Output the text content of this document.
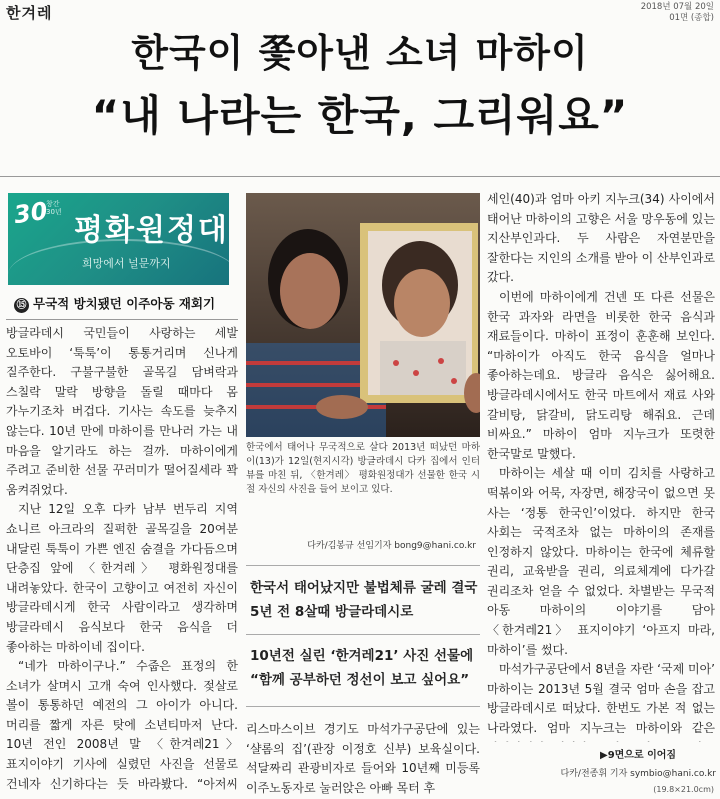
한겨레	2018년 07월 20일
01면 (종합)
한국이 쫓아낸 소녀 마하이
“내 나라는 한국, 그리워요”
30
창간 30년
평화원정대
희망에서 널문까지
⑮ 무국적 방치됐던 이주아동 재회기

방글라데시 국민들이 사랑하는 세발 오토바이 ‘툭툭’이 통통거리며 신나게 질주한다. 구불구불한 골목길 담벼락과 스칠락 말락 방향을 돌릴 때마다 몸 가누기조차 버겁다. 기사는 속도를 늦추지 않는다. 10년 만에 마하이를 만나러 가는 내 마음을 알기라도 하는 걸까. 마하이에게 주려고 준비한 선물 꾸러미가 떨어질세라 꽉 움켜쥐었다.

지난 12일 오후 다카 남부 번두리 지역 쇼니르 아크라의 질퍽한 골목길을 20여분 내달린 툭툭이 가쁜 엔진 숨결을 가다듬으며 단층집 앞에 〈한겨레〉 평화원정대를 내려놓았다. 한국이 고향이고 여전히 자신이 방글라데시게 한국 사람이라고 생각하며 방글라데시 음식보다 한국 음식을 더 좋아하는 마하이네 집이다.

“네가 마하이구나.” 수줍은 표정의 한 소녀가 살며시 고개 숙여 인사했다. 젖살로 볼이 통통하던 예전의 그 아이가 아니다. 머리를 짧게 자른 탓에 소년티마저 난다. 10년 전인 2008년 말 〈한겨레21〉 표지이야기 기사에 실렸던 사진을 선물로 건네자 신기하다는 듯 바라봤다. “아저씨

한국에서 태어나 무국적으로 살다 2013년 떠났던 마하이(13)가 12일(현지시각) 방글라데시 다카 집에서 인터뷰를 마친 뒤, 〈한겨레〉 평화원정대가 선물한 한국 시절 자신의 사진을 들어 보이고 있다.
다카/김봉규 선임기자 bong9@hani.co.kr
한국서 태어났지만 불법체류 굴레 결국 5년 전 8살때 방글라데시로
10년전 실린 ‘한겨레21’ 사진 선물에 “함께 공부하던 정선이 보고 싶어요”

리스마스이브 경기도 마석가구공단에 있는 ‘샬롬의 집’(관장 이정호 신부) 보육실이다. 석달짜리 관광비자로 들어와 10년째 미등록 이주노동자로 눌러앉은 아빠 목터 후

세인(40)과 엄마 아키 지누크(34) 사이에서 태어난 마하이의 고향은 서울 망우동에 있는 지산부인과다. 두 사람은 자연분만을 잘한다는 지인의 소개를 받아 이 산부인과로 갔다.

이번에 마하이에게 건넨 또 다른 선물은 한국 과자와 라면을 비롯한 한국 음식과 재료들이다. 마하이 표정이 훈훈해 보인다. “마하이가 아직도 한국 음식을 얼마나 좋아하는데요. 방글라 음식은 싫어해요. 방글라데시에서도 한국 마트에서 재료 사와 갈비탕, 닭갈비, 닭도리탕 해줘요. 근데 비싸요.” 마하이 엄마 지누크가 또렷한 한국말로 말했다.

마하이는 세살 때 이미 김치를 사랑하고 떡볶이와 어묵, 자장면, 해장국이 없으면 못 사는 ‘정통 한국인’이었다. 하지만 한국 사회는 국적조차 없는 마하이의 존재를 인정하지 않았다. 마하이는 한국에 체류할 권리, 교육받을 권리, 의료체계에 다가갈 권리조차 얻을 수 없었다. 차별받는 무국적 아동 마하이의 이야기를 담아 〈한겨레21〉 표지이야기 ‘아프지 마라, 마하이’를 썼다.

마석가구공단에서 8년을 자란 ‘국제 미아’ 마하이는 2013년 5월 결국 엄마 손을 잡고 방글라데시로 떠났다. 한번도 가본 적 없는 나라였다. 엄마 지누크는 마하이와 같은

▶9면으로 이어짐
다카/전종휘 기자 symbio@hani.co.kr
(19.8×21.0cm)
